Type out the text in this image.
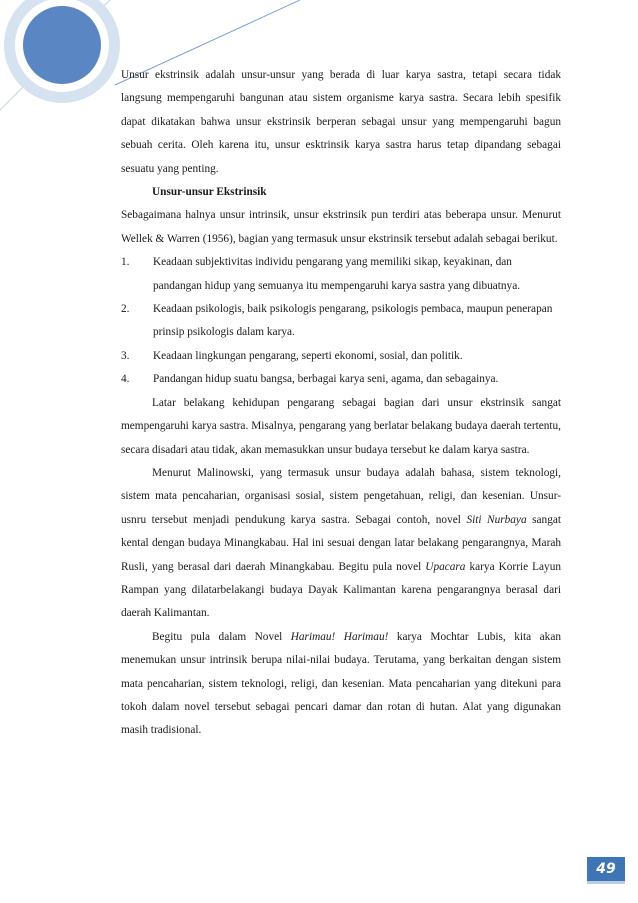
Unsur ekstrinsik adalah unsur-unsur yang berada di luar karya sastra, tetapi secara tidak langsung mempengaruhi bangunan atau sistem organisme karya sastra. Secara lebih spesifik dapat dikatakan bahwa unsur ekstrinsik berperan sebagai unsur yang mempengaruhi bagun sebuah cerita. Oleh karena itu, unsur esktrinsik karya sastra harus tetap dipandang sebagai sesuatu yang penting.

Unsur-unsur Ekstrinsik

Sebagaimana halnya unsur intrinsik, unsur ekstrinsik pun terdiri atas beberapa unsur. Menurut Wellek & Warren (1956), bagian yang termasuk unsur ekstrinsik tersebut adalah sebagai berikut.

1.	Keadaan subjektivitas individu pengarang yang memiliki sikap, keyakinan, dan pandangan hidup yang semuanya itu mempengaruhi karya sastra yang dibuatnya.
2.	Keadaan psikologis, baik psikologis pengarang, psikologis pembaca, maupun penerapan prinsip psikologis dalam karya.
3.	Keadaan lingkungan pengarang, seperti ekonomi, sosial, dan politik.
4.	Pandangan hidup suatu bangsa, berbagai karya seni, agama, dan sebagainya.

Latar belakang kehidupan pengarang sebagai bagian dari unsur ekstrinsik sangat mempengaruhi karya sastra. Misalnya, pengarang yang berlatar belakang budaya daerah tertentu, secara disadari atau tidak, akan memasukkan unsur budaya tersebut ke dalam karya sastra.

Menurut Malinowski, yang termasuk unsur budaya adalah bahasa, sistem teknologi, sistem mata pencaharian, organisasi sosial, sistem pengetahuan, religi, dan kesenian. Unsur-usnru tersebut menjadi pendukung karya sastra. Sebagai contoh, novel Siti Nurbaya sangat kental dengan budaya Minangkabau. Hal ini sesuai dengan latar belakang pengarangnya, Marah Rusli, yang berasal dari daerah Minangkabau. Begitu pula novel Upacara karya Korrie Layun Rampan yang dilatarbelakangi budaya Dayak Kalimantan karena pengarangnya berasal dari daerah Kalimantan.

Begitu pula dalam Novel Harimau! Harimau! karya Mochtar Lubis, kita akan menemukan unsur intrinsik berupa nilai-nilai budaya. Terutama, yang berkaitan dengan sistem mata pencaharian, sistem teknologi, religi, dan kesenian. Mata pencaharian yang ditekuni para tokoh dalam novel tersebut sebagai pencari damar dan rotan di hutan. Alat yang digunakan masih tradisional.

49
